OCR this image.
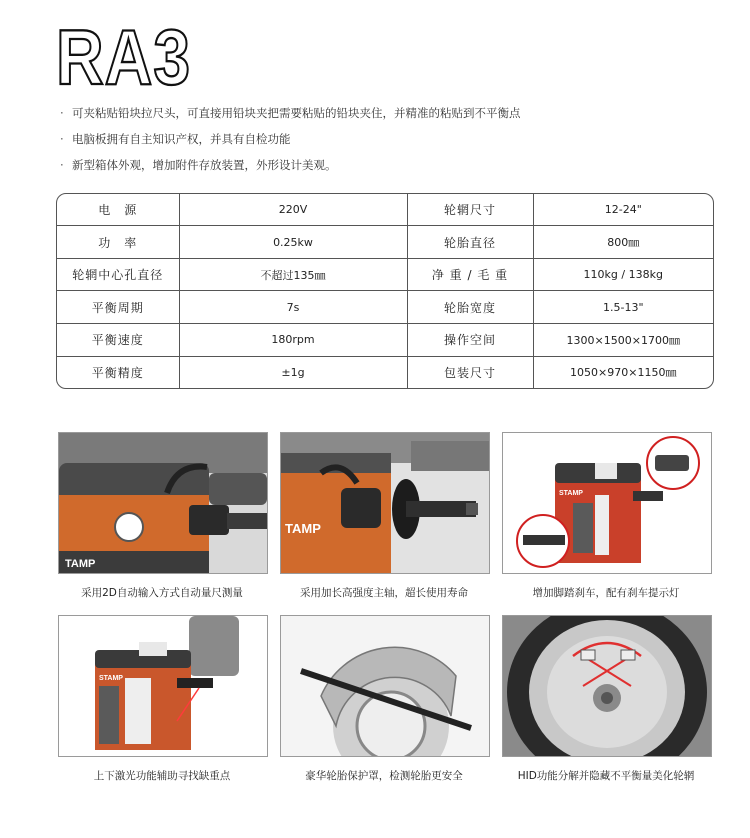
RA3
· 可夹粘贴铅块拉尺头，可直接用铅块夹把需要粘贴的铅块夹住，并精准的粘贴到不平衡点
· 电脑板拥有自主知识产权，并具有自检功能
· 新型箱体外观，增加附件存放装置，外形设计美观。
电　源	220V	轮辋尺寸	12-24"
功　率	0.25kw	轮胎直径	800㎜
轮辋中心孔直径	不超过135㎜	净 重 / 毛 重	110kg / 138kg
平衡周期	7s	轮胎宽度	1.5-13"
平衡速度	180rpm	操作空间	1300×1500×1700㎜
平衡精度	±1g	包装尺寸	1050×970×1150㎜
TAMP
采用2D自动输入方式自动量尺测量
TAMP
采用加长高强度主轴，超长使用寿命
STAMP
增加脚踏刹车，配有刹车提示灯
STAMP
上下激光功能辅助寻找缺重点	豪华轮胎保护罩，检测轮胎更安全	HID功能分解并隐藏不平衡量美化轮辋
